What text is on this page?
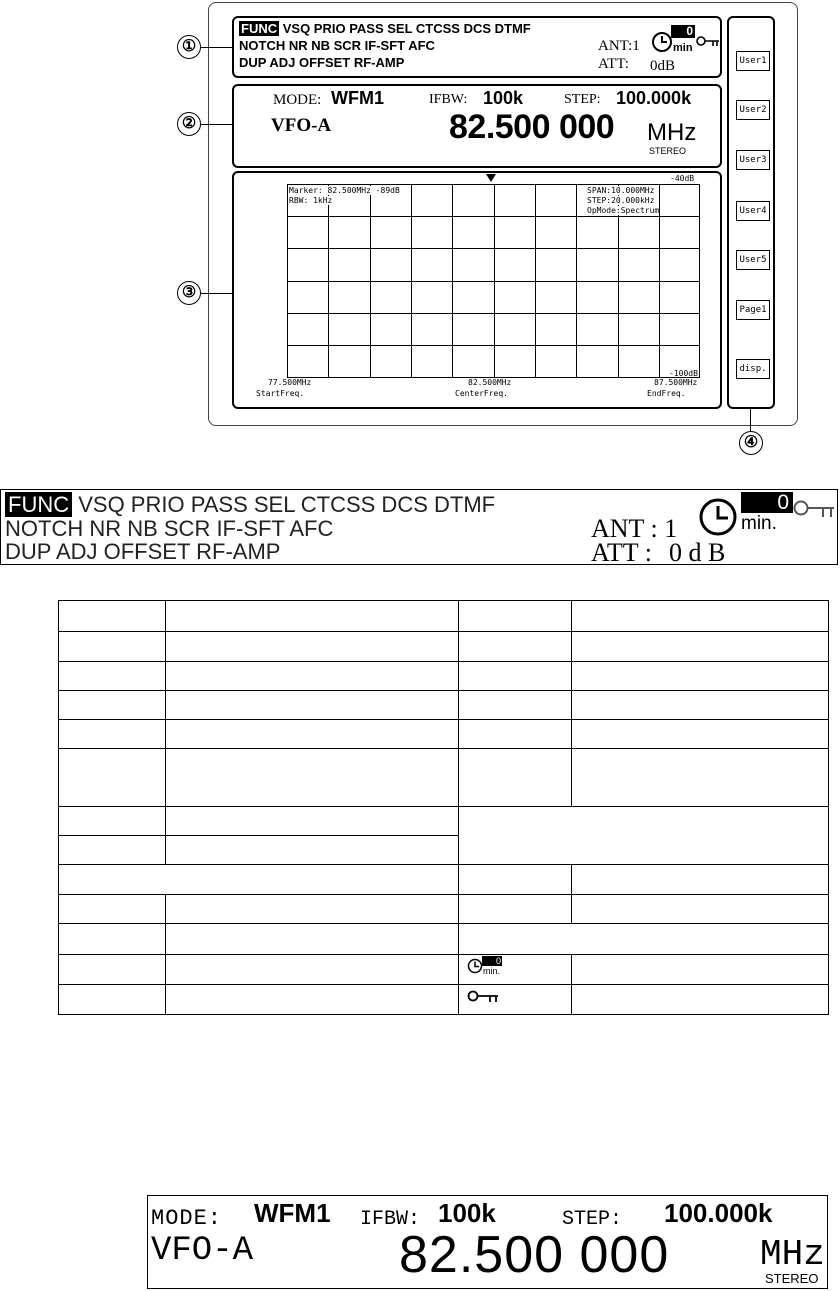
①
②
③
④
FUNC VSQ PRIO PASS SEL CTCSS DCS DTMF
NOTCH NR NB SCR IF-SFT AFC
DUP ADJ OFFSET RF-AMP
ANT:1
ATT: 0dB
0
min
MODE: WFM1	IFBW: 100k	STEP: 100.000k
VFO-A	82.500 000 MHz
STEREO
-40dB
Marker: 82.500MHz -89dB
RBW: 1kHz
SPAN:10.000MHz
STEP:20.000kHz
OpMode:Spectrum
-100dB
77.500MHz
StartFreq.
82.500MHz
CenterFreq.
87.500MHz
EndFreq.
User1
User2
User3
User4
User5
Page1
disp.
FUNC VSQ PRIO PASS SEL CTCSS DCS DTMF
NOTCH NR NB SCR IF-SFT AFC
DUP ADJ OFFSET RF-AMP
ANT : 1
ATT : 0 d B
0
min.
0
min.
MODE: WFM1 IFBW: 100k	STEP: 100.000k
VFO-A	82.500 000	MHz
STEREO
